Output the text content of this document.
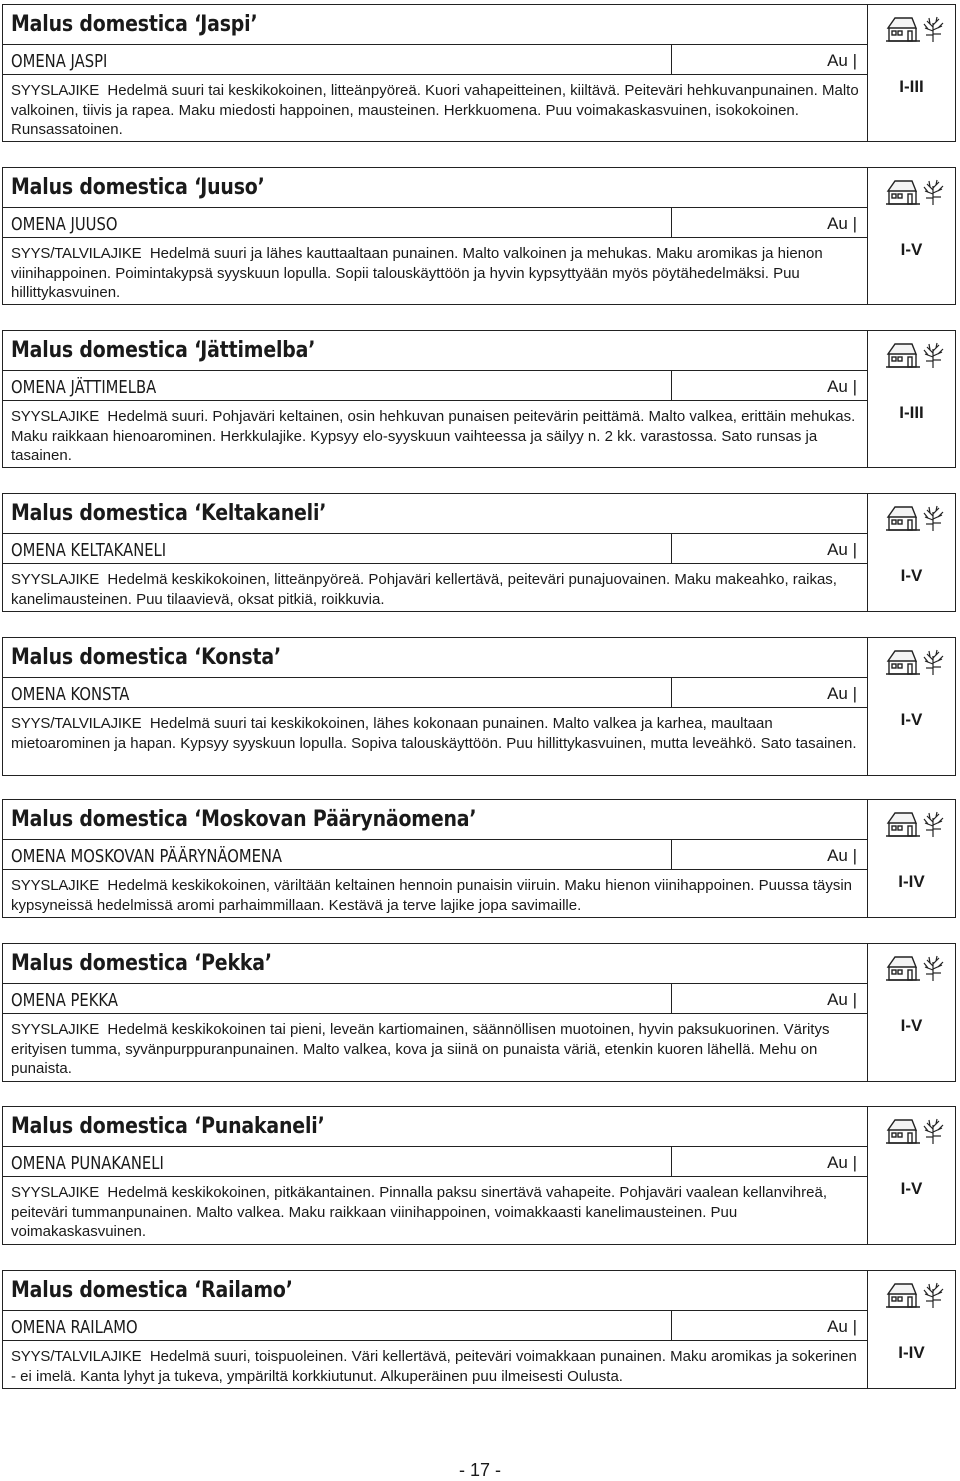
Malus domestica ‘Jaspi’
OMENA JASPI	Au |
SYYSLAJIKE Hedelmä suuri tai keskikokoinen, litteänpyöreä. Kuori vahapeitteinen, kiiltävä. Peiteväri hehkuvanpunainen. Malto valkoinen, tiivis ja rapea. Maku miedosti happoinen, mausteinen. Herkkuomena. Puu voimakaskasvuinen, isokokoinen. Runsassatoinen.
I-III
Malus domestica ‘Juuso’
OMENA JUUSO	Au |
SYYS/TALVILAJIKE Hedelmä suuri ja lähes kauttaaltaan punainen. Malto valkoinen ja mehukas. Maku aromikas ja hienon viinihappoinen. Poimintakypsä syyskuun lopulla. Sopii talouskäyttöön ja hyvin kypsyttyään myös pöytähedelmäksi. Puu hillittykasvuinen.
I-V
Malus domestica ‘Jättimelba’
OMENA JÄTTIMELBA	Au |
SYYSLAJIKE Hedelmä suuri. Pohjaväri keltainen, osin hehkuvan punaisen peitevärin peittämä. Malto valkea, erittäin mehukas. Maku raikkaan hienoarominen. Herkkulajike. Kypsyy elo-syyskuun vaihteessa ja säilyy n. 2 kk. varastossa. Sato runsas ja tasainen.
I-III
Malus domestica ‘Keltakaneli’
OMENA KELTAKANELI	Au |
SYYSLAJIKE Hedelmä keskikokoinen, litteänpyöreä. Pohjaväri kellertävä, peiteväri punajuovainen. Maku makeahko, raikas, kanelimausteinen. Puu tilaavievä, oksat pitkiä, roikkuvia.
I-V
Malus domestica ‘Konsta’
OMENA KONSTA	Au |
SYYS/TALVILAJIKE Hedelmä suuri tai keskikokoinen, lähes kokonaan punainen. Malto valkea ja karhea, maultaan mietoarominen ja hapan. Kypsyy syyskuun lopulla. Sopiva talouskäyttöön. Puu hillittykasvuinen, mutta leveähkö. Sato tasainen.
I-V
Malus domestica ‘Moskovan Päärynäomena’
OMENA MOSKOVAN PÄÄRYNÄOMENA	Au |
SYYSLAJIKE Hedelmä keskikokoinen, väriltään keltainen hennoin punaisin viiruin. Maku hienon viinihappoinen. Puussa täysin kypsyneissä hedelmissä aromi parhaimmillaan. Kestävä ja terve lajike jopa savimaille.
I-IV
Malus domestica ‘Pekka’
OMENA PEKKA	Au |
SYYSLAJIKE Hedelmä keskikokoinen tai pieni, leveän kartiomainen, säännöllisen muotoinen, hyvin paksukuorinen. Väritys erityisen tumma, syvänpurppuranpunainen. Malto valkea, kova ja siinä on punaista väriä, etenkin kuoren lähellä. Mehu on punaista.
I-V
Malus domestica ‘Punakaneli’
OMENA PUNAKANELI	Au |
SYYSLAJIKE Hedelmä keskikokoinen, pitkäkantainen. Pinnalla paksu sinertävä vahapeite. Pohjaväri vaalean kellanvihreä, peiteväri tummanpunainen. Malto valkea. Maku raikkaan viinihappoinen, voimakkaasti kanelimausteinen. Puu voimakaskasvuinen.
I-V
Malus domestica ‘Railamo’
OMENA RAILAMO	Au |
SYYS/TALVILAJIKE Hedelmä suuri, toispuoleinen. Väri kellertävä, peiteväri voimakkaan punainen. Maku aromikas ja sokerinen - ei imelä. Kanta lyhyt ja tukeva, ympäriltä korkkiutunut. Alkuperäinen puu ilmeisesti Oulusta.
I-IV
- 17 -
